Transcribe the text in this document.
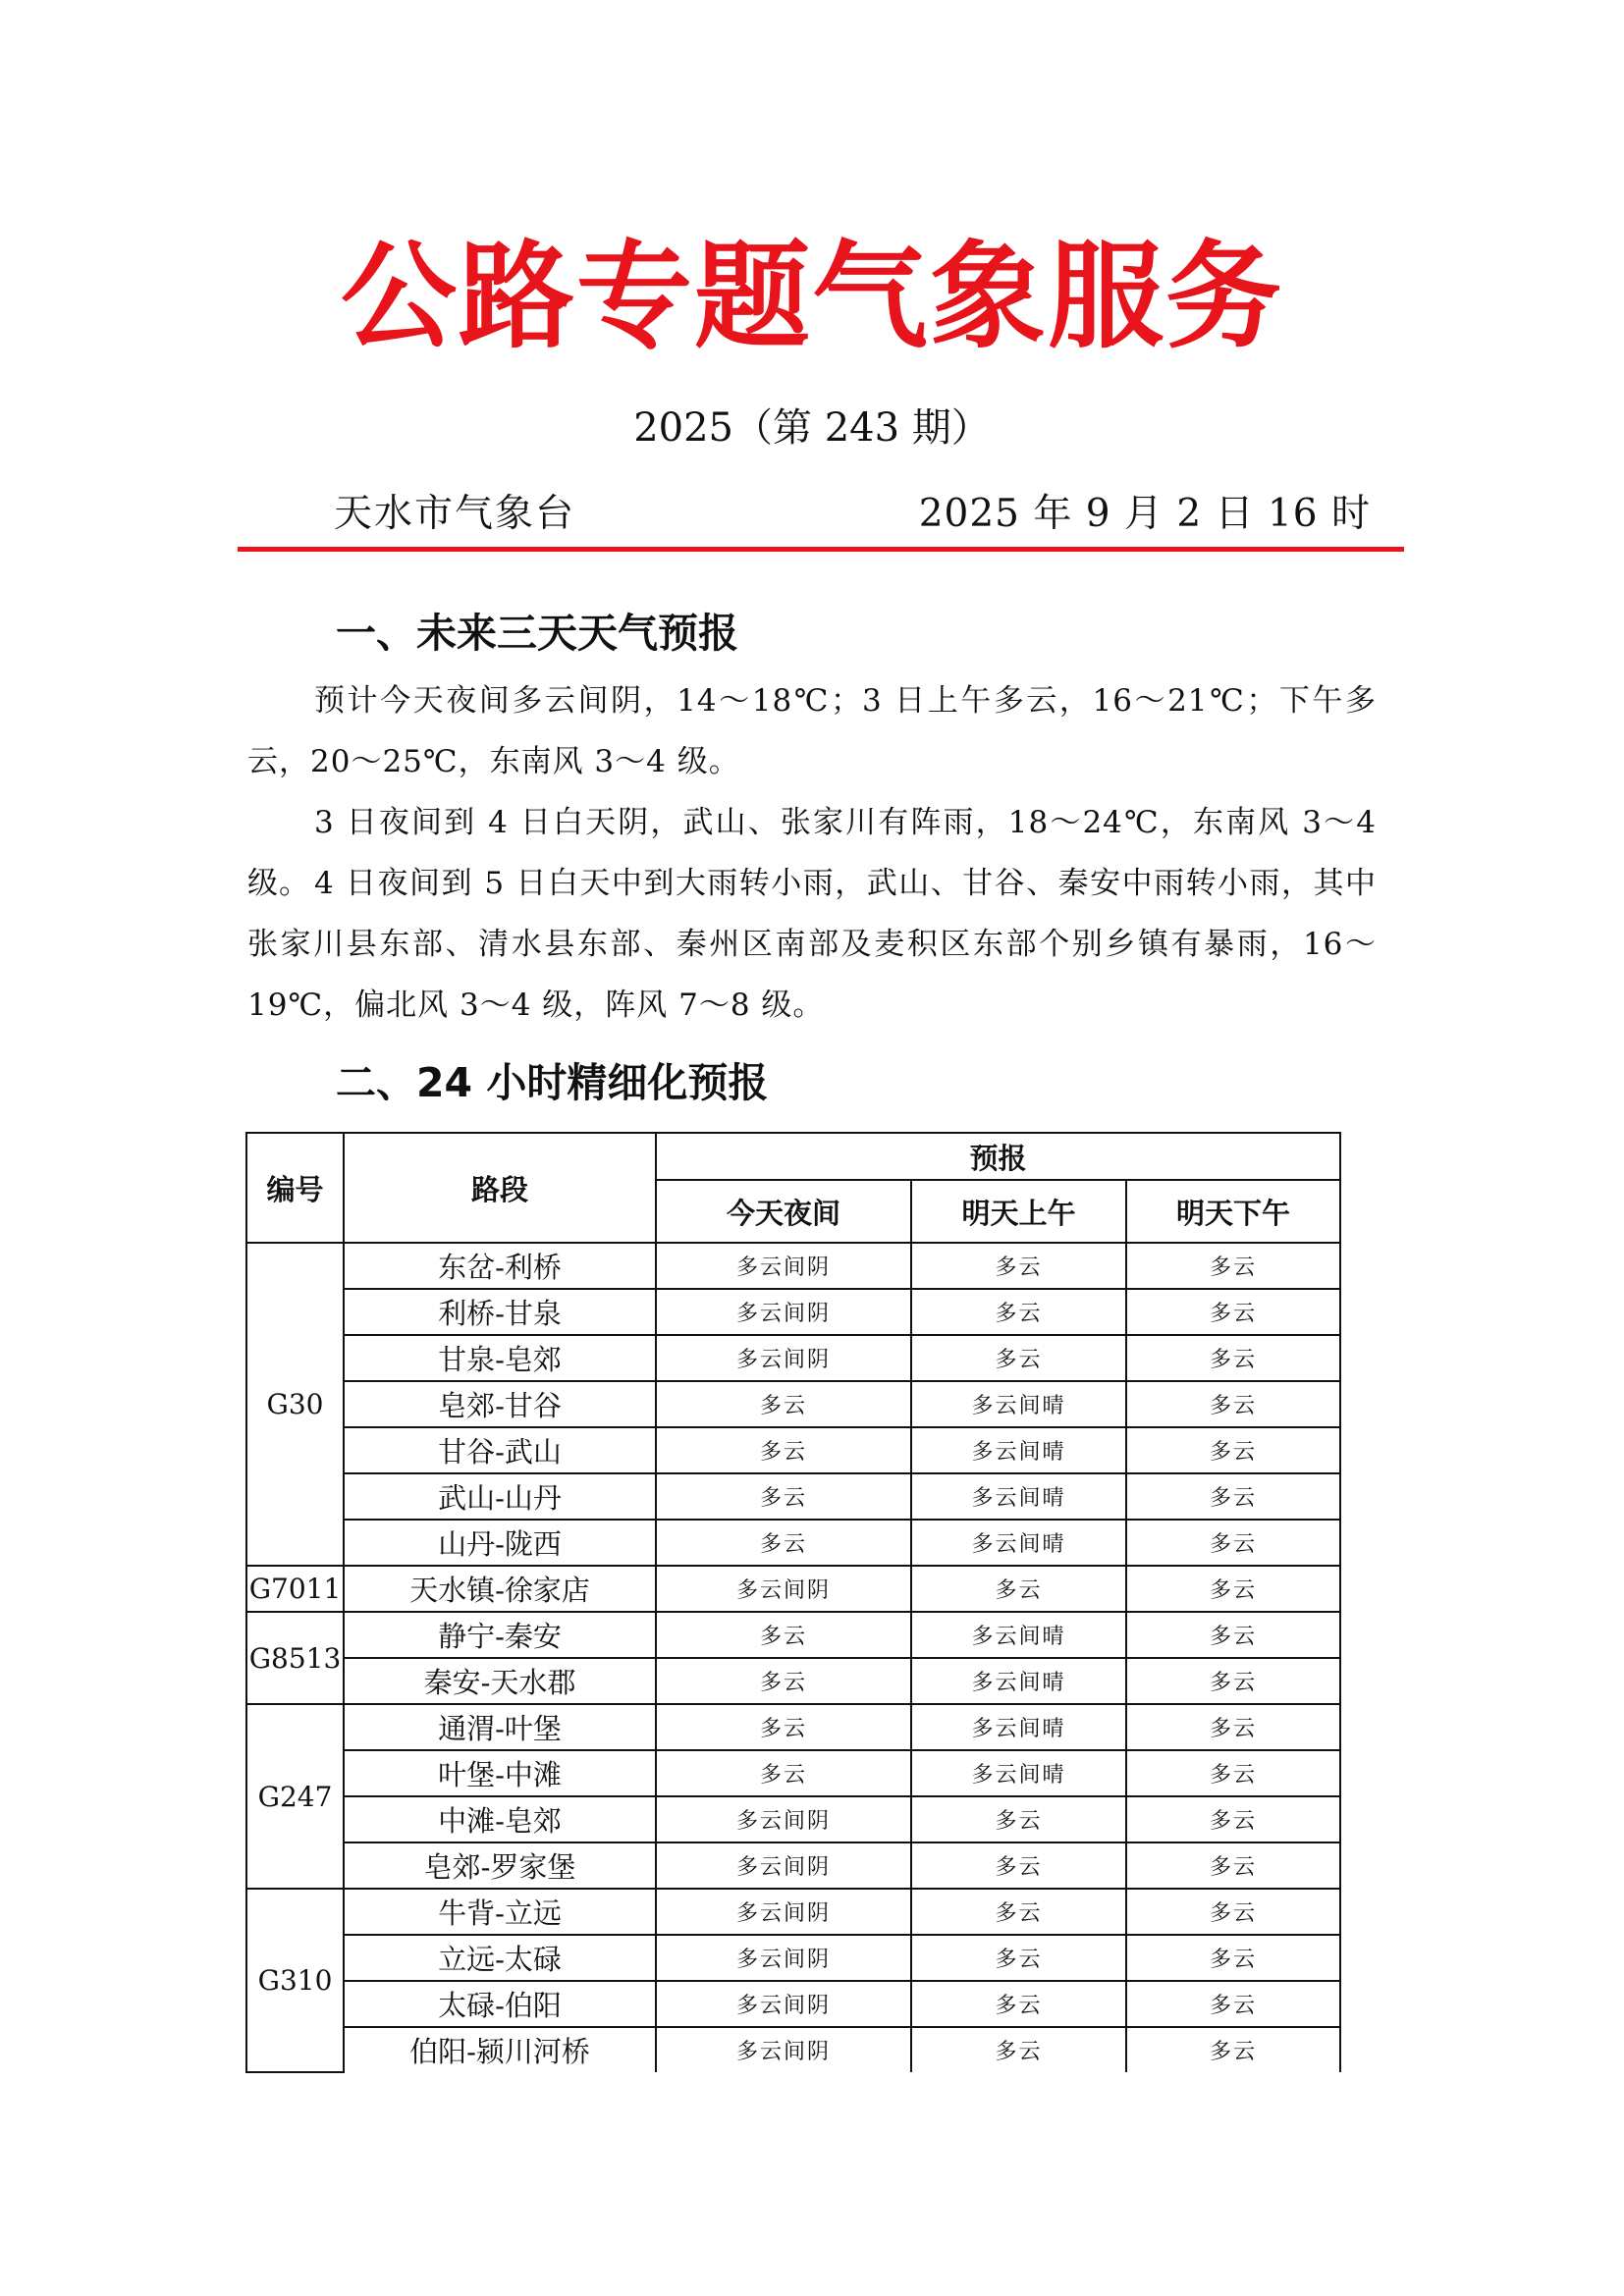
公路专题气象服务
2025（第 243 期）
天水市气象台	2025 年 9 月 2 日 16 时
一、未来三天天气预报

预计今天夜间多云间阴，14～18℃；3 日上午多云，16～21℃；下午多云，20～25℃，东南风 3～4 级。

3 日夜间到 4 日白天阴，武山、张家川有阵雨，18～24℃，东南风 3～4 级。 4 日夜间到 5 日白天中到大雨转小雨，武山、甘谷、秦安中雨转小雨，其中张家川县东部、清水县东部、秦州区南部及麦积区东部个别乡镇有暴雨，16～19℃，偏北风 3～4 级，阵风 7～8 级。

二、24 小时精细化预报
编号	路段	预报		
		今天夜间	明天上午	明天下午
G30	东岔-利桥	多云间阴	多云	多云
	利桥-甘泉	多云间阴	多云	多云
	甘泉-皂郊	多云间阴	多云	多云
	皂郊-甘谷	多云	多云间晴	多云
	甘谷-武山	多云	多云间晴	多云
	武山-山丹	多云	多云间晴	多云
	山丹-陇西	多云	多云间晴	多云
G7011	天水镇-徐家店	多云间阴	多云	多云
G8513	静宁-秦安	多云	多云间晴	多云
	秦安-天水郡	多云	多云间晴	多云
G247	通渭-叶堡	多云	多云间晴	多云
	叶堡-中滩	多云	多云间晴	多云
	中滩-皂郊	多云间阴	多云	多云
	皂郊-罗家堡	多云间阴	多云	多云
G310	牛背-立远	多云间阴	多云	多云
	立远-太碌	多云间阴	多云	多云
	太碌-伯阳	多云间阴	多云	多云
	伯阳-颍川河桥	多云间阴	多云	多云
